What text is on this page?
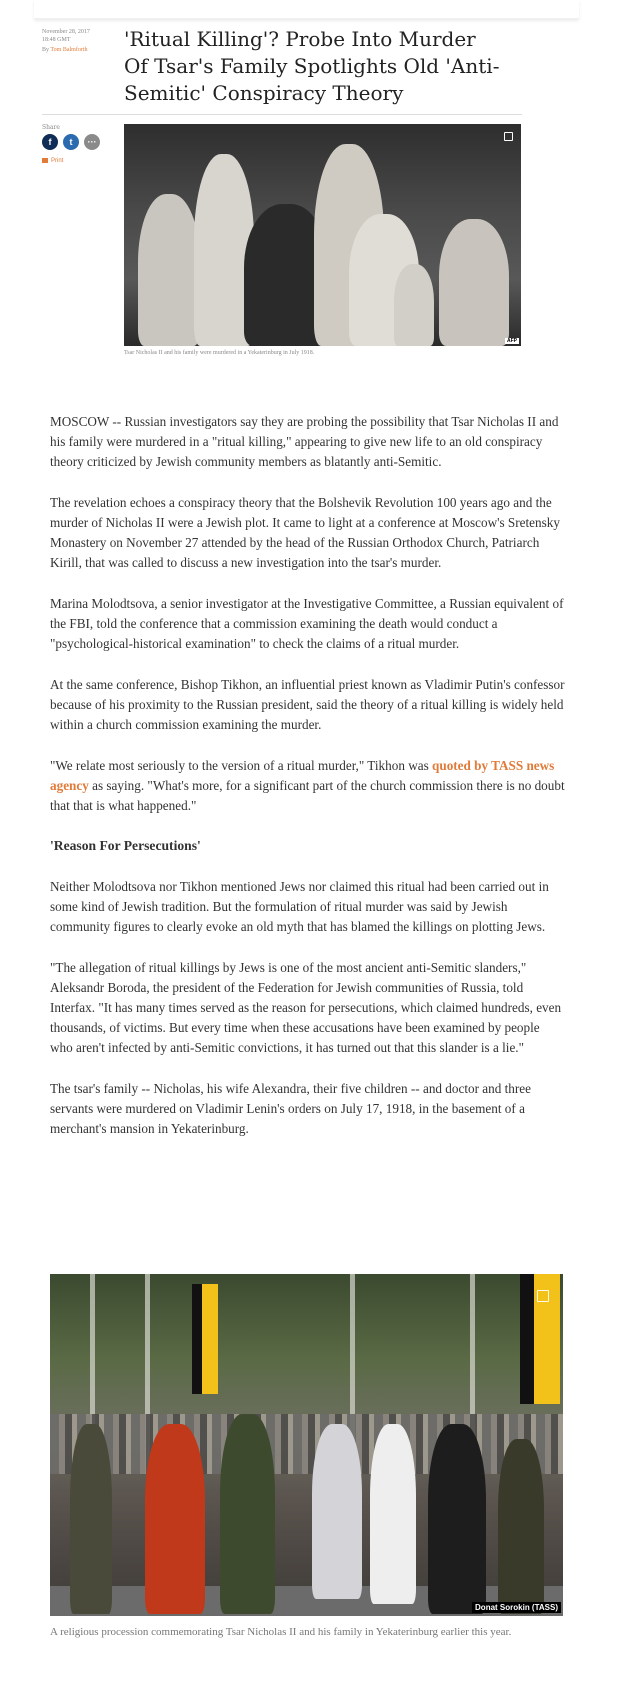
November 28, 2017
18:48 GMT
By Tom Balmforth 'Ritual Killing'? Probe Into Murder Of Tsar's Family Spotlights Old 'Anti-Semitic' Conspiracy Theory
Share
f	t	···
Print
AFP
Tsar Nicholas II and his family were murdered in a Yekaterinburg in July 1918.

MOSCOW -- Russian investigators say they are probing the possibility that Tsar Nicholas II and his family were murdered in a "ritual killing," appearing to give new life to an old conspiracy theory criticized by Jewish community members as blatantly anti-Semitic.

The revelation echoes a conspiracy theory that the Bolshevik Revolution 100 years ago and the murder of Nicholas II were a Jewish plot. It came to light at a conference at Moscow's Sretensky Monastery on November 27 attended by the head of the Russian Orthodox Church, Patriarch Kirill, that was called to discuss a new investigation into the tsar's murder.

Marina Molodtsova, a senior investigator at the Investigative Committee, a Russian equivalent of the FBI, told the conference that a commission examining the death would conduct a "psychological-historical examination" to check the claims of a ritual murder.

At the same conference, Bishop Tikhon, an influential priest known as Vladimir Putin's confessor because of his proximity to the Russian president, said the theory of a ritual killing is widely held within a church commission examining the murder.

"We relate most seriously to the version of a ritual murder," Tikhon was quoted by TASS news agency as saying. "What's more, for a significant part of the church commission there is no doubt that that is what happened."

'Reason For Persecutions'

Neither Molodtsova nor Tikhon mentioned Jews nor claimed this ritual had been carried out in some kind of Jewish tradition. But the formulation of ritual murder was said by Jewish community figures to clearly evoke an old myth that has blamed the killings on plotting Jews.

"The allegation of ritual killings by Jews is one of the most ancient anti-Semitic slanders," Aleksandr Boroda, the president of the Federation for Jewish communities of Russia, told Interfax. "It has many times served as the reason for persecutions, which claimed hundreds, even thousands, of victims. But every time when these accusations have been examined by people who aren't infected by anti-Semitic convictions, it has turned out that this slander is a lie."

The tsar's family -- Nicholas, his wife Alexandra, their five children -- and doctor and three servants were murdered on Vladimir Lenin's orders on July 17, 1918, in the basement of a merchant's mansion in Yekaterinburg.

Donat Sorokin (TASS)
A religious procession commemorating Tsar Nicholas II and his family in Yekaterinburg earlier this year.
